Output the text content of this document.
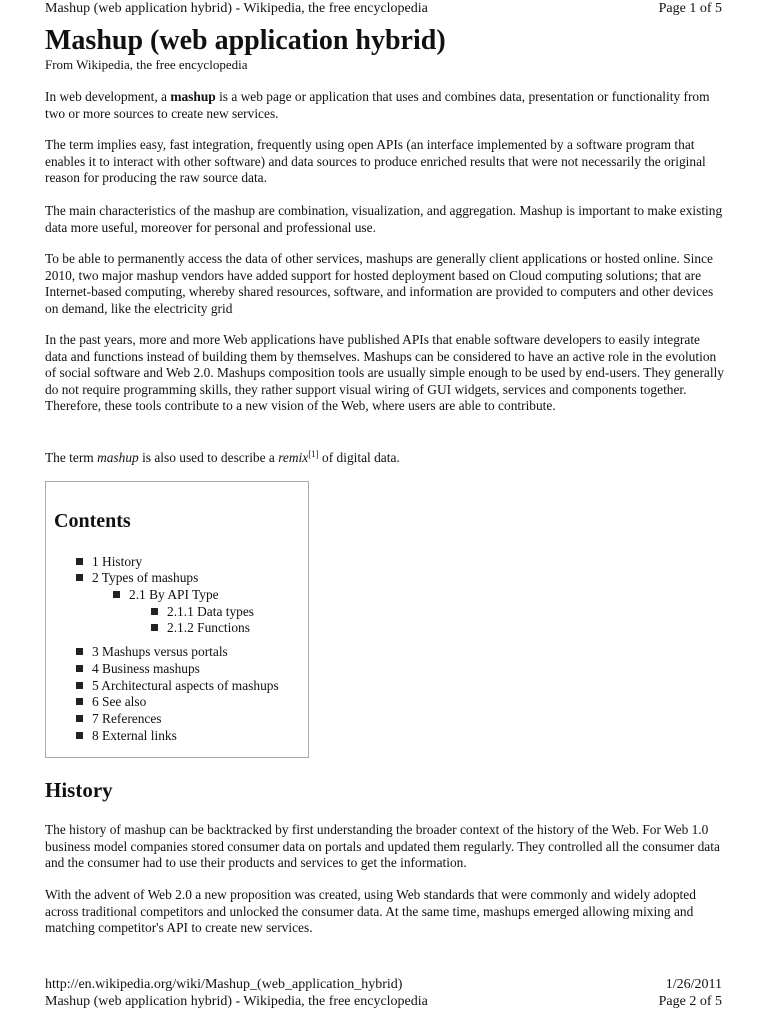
Mashup (web application hybrid) - Wikipedia, the free encyclopedia	Page 1 of 5
Mashup (web application hybrid)
From Wikipedia, the free encyclopedia

In web development, a mashup is a web page or application that uses and combines data, presentation or functionality from two or more sources to create new services.

The term implies easy, fast integration, frequently using open APIs (an interface implemented by a software program that enables it to interact with other software) and data sources to produce enriched results that were not necessarily the original reason for producing the raw source data.

The main characteristics of the mashup are combination, visualization, and aggregation. Mashup is important to make existing data more useful, moreover for personal and professional use.

To be able to permanently access the data of other services, mashups are generally client applications or hosted online. Since 2010, two major mashup vendors have added support for hosted deployment based on Cloud computing solutions; that are Internet-based computing, whereby shared resources, software, and information are provided to computers and other devices on demand, like the electricity grid

In the past years, more and more Web applications have published APIs that enable software developers to easily integrate data and functions instead of building them by themselves. Mashups can be considered to have an active role in the evolution of social software and Web 2.0. Mashups composition tools are usually simple enough to be used by end-users. They generally do not require programming skills, they rather support visual wiring of GUI widgets, services and components together. Therefore, these tools contribute to a new vision of the Web, where users are able to contribute.

The term mashup is also used to describe a remix[1] of digital data.

Contents
1 History
2 Types of mashups
2.1 By API Type
2.1.1 Data types
2.1.2 Functions
3 Mashups versus portals
4 Business mashups
5 Architectural aspects of mashups
6 See also
7 References
8 External links
History

The history of mashup can be backtracked by first understanding the broader context of the history of the Web. For Web 1.0 business model companies stored consumer data on portals and updated them regularly. They controlled all the consumer data and the consumer had to use their products and services to get the information.

With the advent of Web 2.0 a new proposition was created, using Web standards that were commonly and widely adopted across traditional competitors and unlocked the consumer data. At the same time, mashups emerged allowing mixing and matching competitor's API to create new services.

http://en.wikipedia.org/wiki/Mashup_(web_application_hybrid)	1/26/2011
Mashup (web application hybrid) - Wikipedia, the free encyclopedia	Page 2 of 5
